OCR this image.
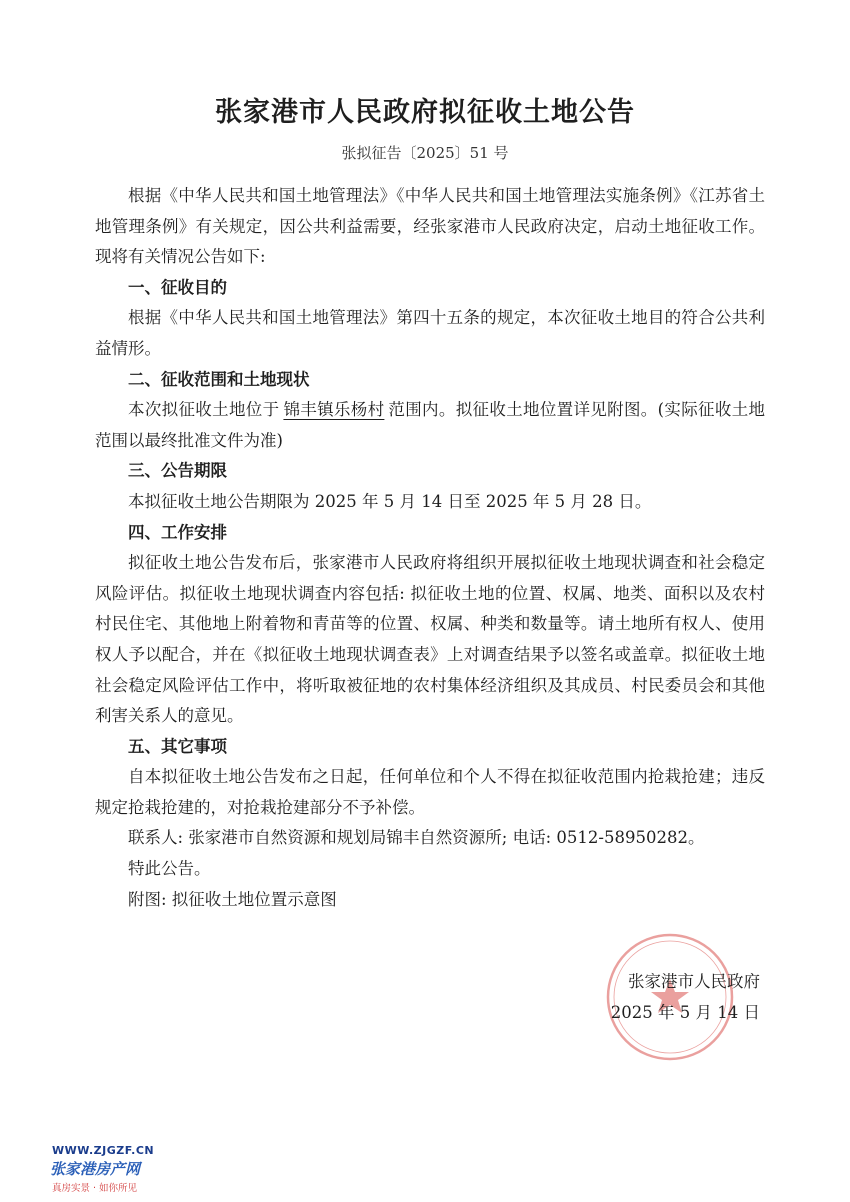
张家港市人民政府拟征收土地公告
张拟征告〔2025〕51 号

根据《中华人民共和国土地管理法》《中华人民共和国土地管理法实施条例》《江苏省土地管理条例》有关规定，因公共利益需要，经张家港市人民政府决定，启动土地征收工作。现将有关情况公告如下:

一、征收目的

根据《中华人民共和国土地管理法》第四十五条的规定，本次征收土地目的符合公共利益情形。

二、征收范围和土地现状

本次拟征收土地位于 锦丰镇乐杨村 范围内。拟征收土地位置详见附图。(实际征收土地范围以最终批准文件为准)

三、公告期限

本拟征收土地公告期限为 2025 年 5 月 14 日至 2025 年 5 月 28 日。

四、工作安排

拟征收土地公告发布后，张家港市人民政府将组织开展拟征收土地现状调查和社会稳定风险评估。拟征收土地现状调查内容包括: 拟征收土地的位置、权属、地类、面积以及农村村民住宅、其他地上附着物和青苗等的位置、权属、种类和数量等。请土地所有权人、使用权人予以配合，并在《拟征收土地现状调查表》上对调查结果予以签名或盖章。拟征收土地社会稳定风险评估工作中，将听取被征地的农村集体经济组织及其成员、村民委员会和其他利害关系人的意见。

五、其它事项

自本拟征收土地公告发布之日起，任何单位和个人不得在拟征收范围内抢栽抢建；违反规定抢栽抢建的，对抢栽抢建部分不予补偿。

联系人: 张家港市自然资源和规划局锦丰自然资源所; 电话: 0512-58950282。

特此公告。

附图: 拟征收土地位置示意图

张家港市人民政府
2025 年 5 月 14 日
WWW.ZJGZF.CN
张家港房产网
真房实景 · 如你所见
